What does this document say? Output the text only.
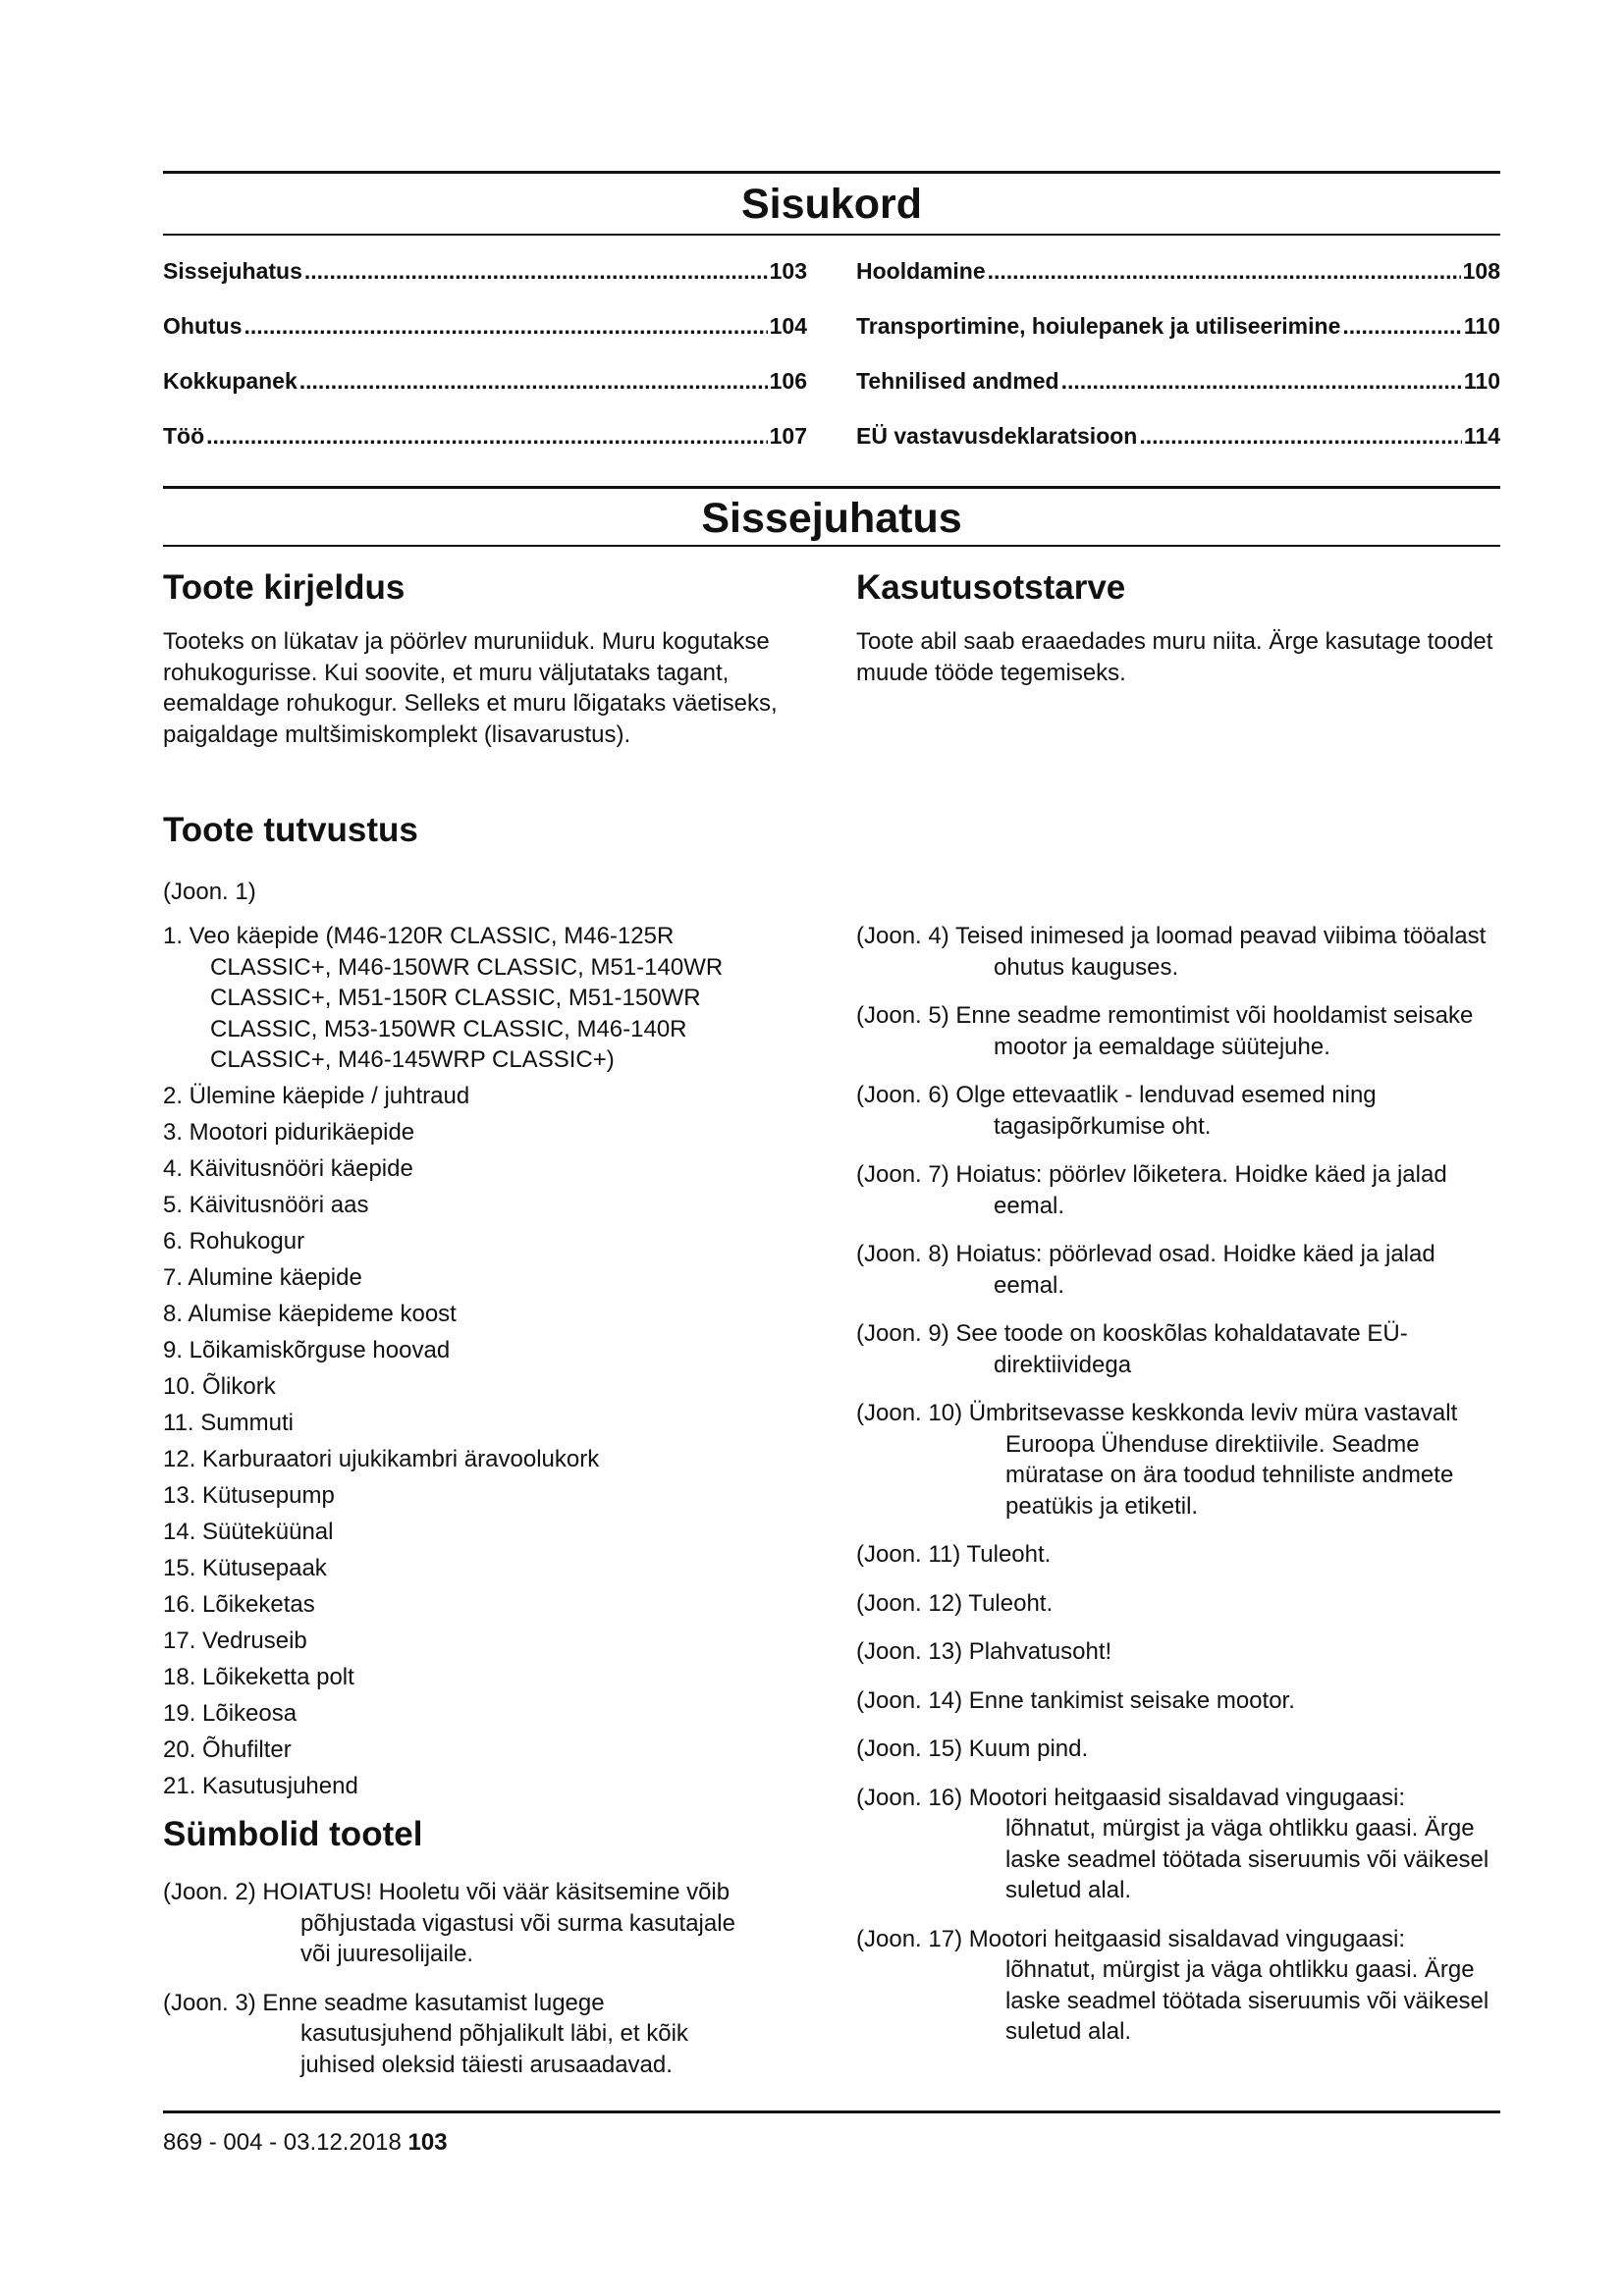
Sisukord
Sissejuhatus .....	103
Ohutus .....	104
Kokkupanek .....	106
Töö .....	107
Hooldamine .....	108
Transportimine, hoiulepanek ja utiliseerimine .....	110
Tehnilised andmed .....	110
EÜ vastavusdeklaratsioon .....	114
Sissejuhatus
Toote kirjeldus

Tooteks on lükatav ja pöörlev muruniiduk. Muru kogutakse rohukogurisse. Kui soovite, et muru väljutataks tagant, eemaldage rohukogur. Selleks et muru lõigataks väetiseks, paigaldage multšimiskomplekt (lisavarustus).

Toote tutvustus

(Joon. 1)

1. Veo käepide (M46-120R CLASSIC, M46-125R CLASSIC+, M46-150WR CLASSIC, M51-140WR CLASSIC+, M51-150R CLASSIC, M51-150WR CLASSIC, M53-150WR CLASSIC, M46-140R CLASSIC+, M46-145WRP CLASSIC+)
2. Ülemine käepide / juhtraud
3. Mootori pidurikäepide
4. Käivitusnööri käepide
5. Käivitusnööri aas
6. Rohukogur
7. Alumine käepide
8. Alumise käepideme koost
9. Lõikamiskõrguse hoovad
10. Õlikork
11. Summuti
12. Karburaatori ujukikambri äravoolukork
13. Kütusepump
14. Süüteküünal
15. Kütusepaak
16. Lõikeketas
17. Vedruseib
18. Lõikeketta polt
19. Lõikeosa
20. Õhufilter
21. Kasutusjuhend
Sümbolid tootel
(Joon. 2) HOIATUS! Hooletu või väär käsitsemine võib põhjustada vigastusi või surma kasutajale või juuresolijaile.
(Joon. 3) Enne seadme kasutamist lugege kasutusjuhend põhjalikult läbi, et kõik juhised oleksid täiesti arusaadavad.
Kasutusotstarve

Toote abil saab eraaedades muru niita. Ärge kasutage toodet muude tööde tegemiseks.

(Joon. 4) Teised inimesed ja loomad peavad viibima tööalast ohutus kauguses.
(Joon. 5) Enne seadme remontimist või hooldamist seisake mootor ja eemaldage süütejuhe.
(Joon. 6) Olge ettevaatlik - lenduvad esemed ning tagasipõrkumise oht.
(Joon. 7) Hoiatus: pöörlev lõiketera. Hoidke käed ja jalad eemal.
(Joon. 8) Hoiatus: pöörlevad osad. Hoidke käed ja jalad eemal.
(Joon. 9) See toode on kooskõlas kohaldatavate EÜ-direktiividega
(Joon. 10) Ümbritsevasse keskkonda leviv müra vastavalt Euroopa Ühenduse direktiivile. Seadme müratase on ära toodud tehniliste andmete peatükis ja etiketil.
(Joon. 11) Tuleoht.
(Joon. 12) Tuleoht.
(Joon. 13) Plahvatusoht!
(Joon. 14) Enne tankimist seisake mootor.
(Joon. 15) Kuum pind.
(Joon. 16) Mootori heitgaasid sisaldavad vingugaasi: lõhnatut, mürgist ja väga ohtlikku gaasi. Ärge laske seadmel töötada siseruumis või väikesel suletud alal.
(Joon. 17) Mootori heitgaasid sisaldavad vingugaasi: lõhnatut, mürgist ja väga ohtlikku gaasi. Ärge laske seadmel töötada siseruumis või väikesel suletud alal.
869 - 004 - 03.12.2018 103
